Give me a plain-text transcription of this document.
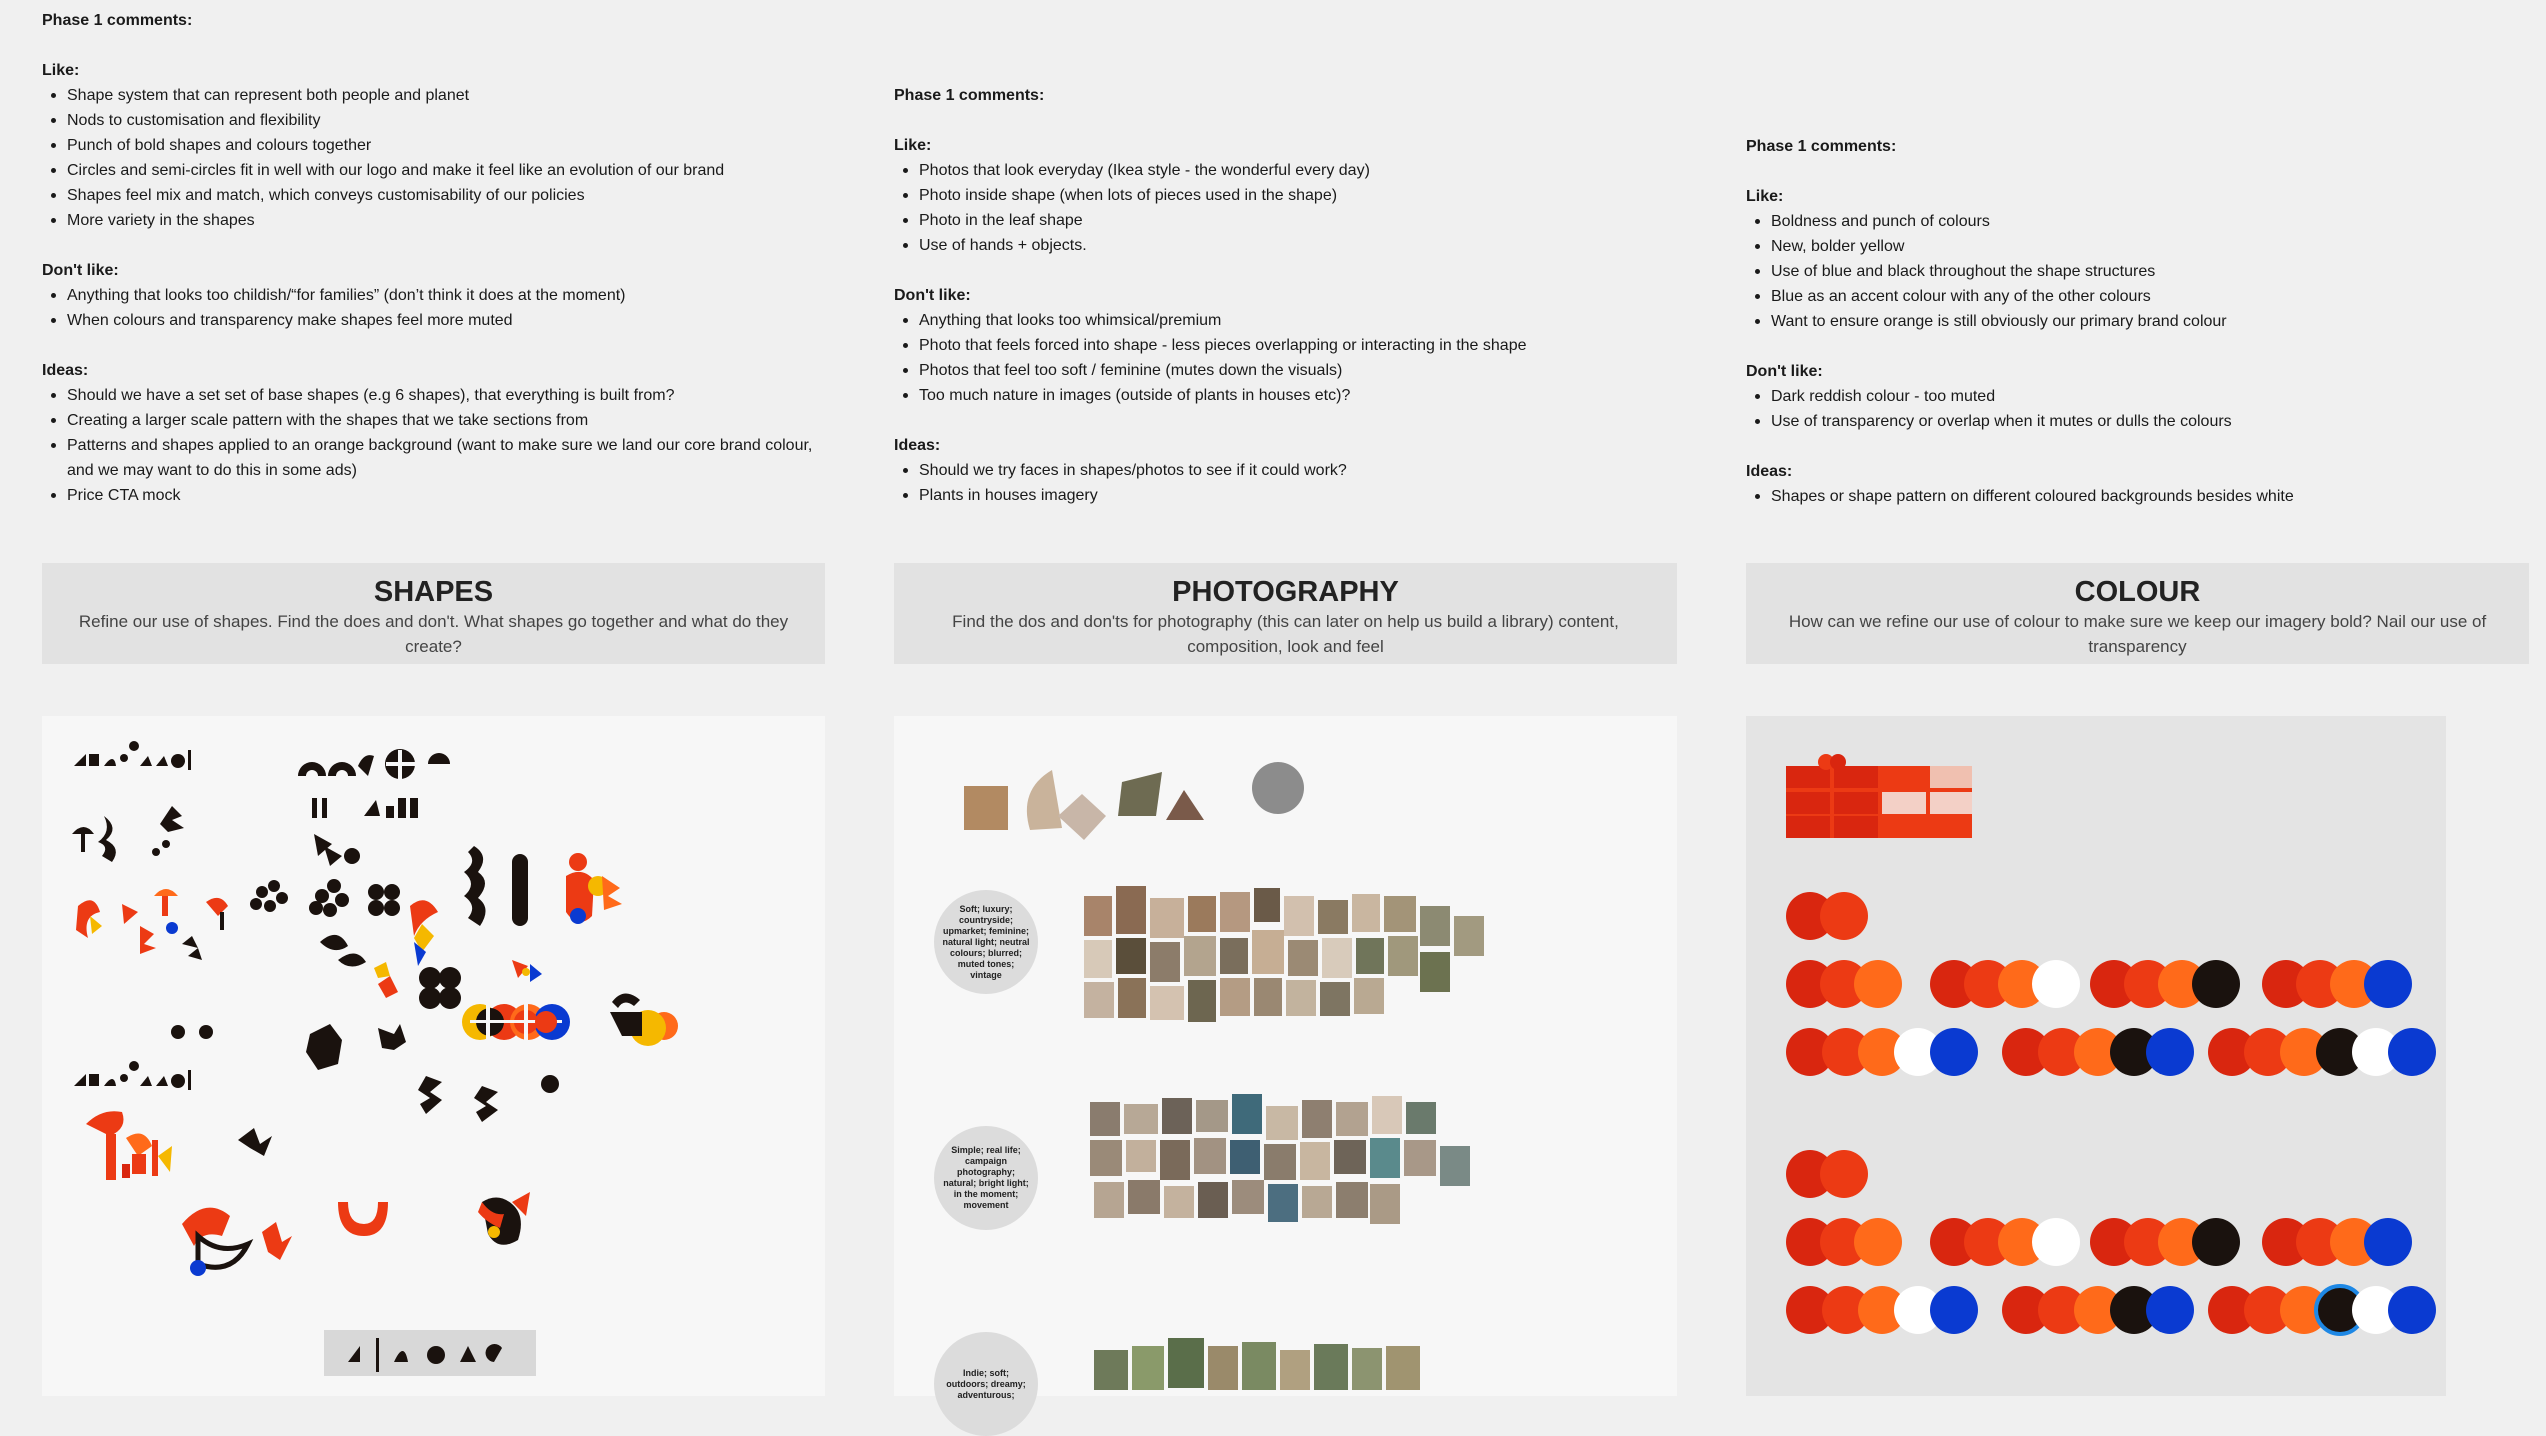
Phase 1 comments:
Like:
Shape system that can represent both people and planet
Nods to customisation and flexibility
Punch of bold shapes and colours together
Circles and semi-circles fit in well with our logo and make it feel like an evolution of our brand
Shapes feel mix and match, which conveys customisability of our policies
More variety in the shapes
Don't like:
Anything that looks too childish/“for families” (don’t think it does at the moment)
When colours and transparency make shapes feel more muted
Ideas:
Should we have a set set of base shapes (e.g 6 shapes), that everything is built from?
Creating a larger scale pattern with the shapes that we take sections from
Patterns and shapes applied to an orange background (want to make sure we land our core brand colour, and we may want to do this in some ads)
Price CTA mock
Phase 1 comments:
Like:
Photos that look everyday (Ikea style - the wonderful every day)
Photo inside shape (when lots of pieces used in the shape)
Photo in the leaf shape
Use of hands + objects.
Don't like:
Anything that looks too whimsical/premium
Photo that feels forced into shape - less pieces overlapping or interacting in the shape
Photos that feel too soft / feminine (mutes down the visuals)
Too much nature in images (outside of plants in houses etc)?
Ideas:
Should we try faces in shapes/photos to see if it could work?
Plants in houses imagery
Phase 1 comments:
Like:
Boldness and punch of colours
New, bolder yellow
Use of blue and black throughout the shape structures
Blue as an accent colour with any of the other colours
Want to ensure orange is still obviously our primary brand colour
Don't like:
Dark reddish colour - too muted
Use of transparency or overlap when it mutes or dulls the colours
Ideas:
Shapes or shape pattern on different coloured backgrounds besides white
SHAPES
Refine our use of shapes. Find the does and don't. What shapes go together and what do they create?
PHOTOGRAPHY
Find the dos and don'ts for photography (this can later on help us build a library) content, composition, look and feel
COLOUR
How can we refine our use of colour to make sure we keep our imagery bold? Nail our use of transparency
Soft; luxury; countryside; upmarket; feminine; natural light; neutral colours; blurred; muted tones; vintage
Simple; real life; campaign photography; natural; bright light; in the moment; movement
Indie; soft; outdoors; dreamy; adventurous;
